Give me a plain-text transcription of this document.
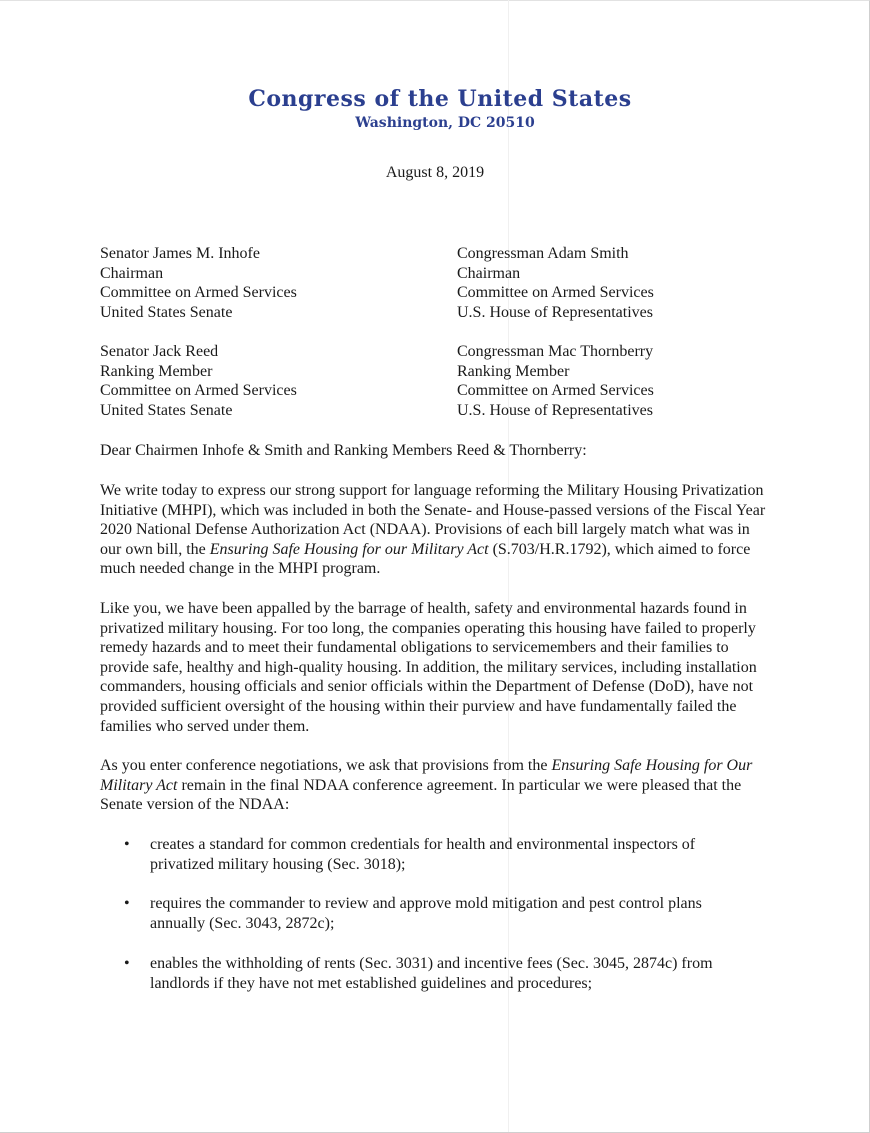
Congress of the United States
Washington, DC 20510
August 8, 2019
Senator James M. Inhofe
Chairman
Committee on Armed Services
United States Senate
Congressman Adam Smith
Chairman
Committee on Armed Services
U.S. House of Representatives
Senator Jack Reed
Ranking Member
Committee on Armed Services
United States Senate
Congressman Mac Thornberry
Ranking Member
Committee on Armed Services
U.S. House of Representatives
Dear Chairmen Inhofe & Smith and Ranking Members Reed & Thornberry:

We write today to express our strong support for language reforming the Military Housing Privatization Initiative (MHPI), which was included in both the Senate- and House-passed versions of the Fiscal Year 2020 National Defense Authorization Act (NDAA). Provisions of each bill largely match what was in our own bill, the Ensuring Safe Housing for our Military Act (S.703/H.R.1792), which aimed to force much needed change in the MHPI program.

Like you, we have been appalled by the barrage of health, safety and environmental hazards found in privatized military housing. For too long, the companies operating this housing have failed to properly remedy hazards and to meet their fundamental obligations to servicemembers and their families to provide safe, healthy and high-quality housing. In addition, the military services, including installation commanders, housing officials and senior officials within the Department of Defense (DoD), have not provided sufficient oversight of the housing within their purview and have fundamentally failed the families who served under them.

As you enter conference negotiations, we ask that provisions from the Ensuring Safe Housing for Our Military Act remain in the final NDAA conference agreement. In particular we were pleased that the Senate version of the NDAA:

• creates a standard for common credentials for health and environmental inspectors of privatized military housing (Sec. 3018);
• requires the commander to review and approve mold mitigation and pest control plans annually (Sec. 3043, 2872c);
• enables the withholding of rents (Sec. 3031) and incentive fees (Sec. 3045, 2874c) from landlords if they have not met established guidelines and procedures;
